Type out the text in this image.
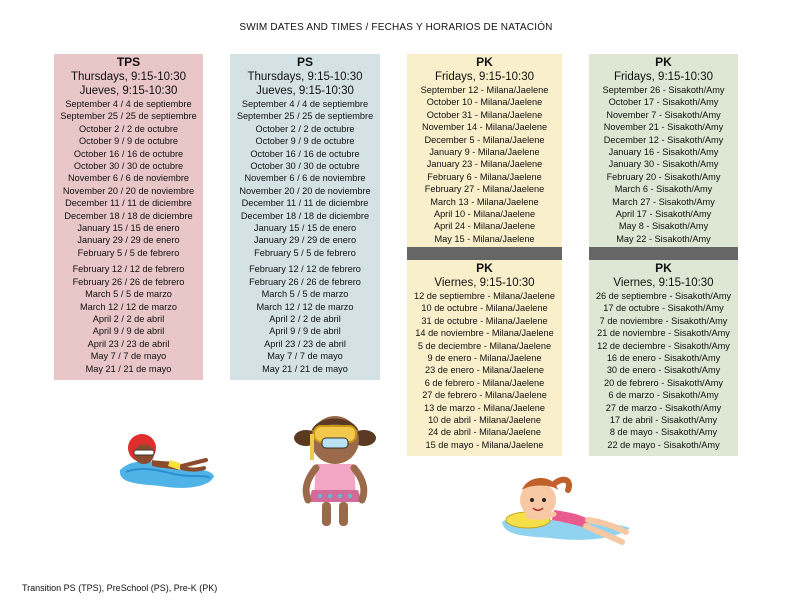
SWIM DATES AND TIMES / FECHAS Y HORARIOS DE NATACIÓN
TPS
Thursdays, 9:15-10:30
Jueves, 9:15-10:30
September 4 / 4 de septiembre
September 25 / 25 de septiembre
October 2 / 2 de octubre
October 9 / 9 de octubre
October 16 / 16 de octubre
October 30 / 30 de octubre
November 6 / 6 de noviembre
November 20 / 20 de noviembre
December 11 / 11 de diciembre
December 18 / 18 de diciembre
January 15 / 15 de enero
January 29 / 29 de enero
February 5 / 5 de febrero
February 12 / 12 de febrero
February 26 / 26 de febrero
March 5 / 5 de marzo
March 12 / 12 de marzo
April 2 / 2 de abril
April 9 / 9 de abril
April 23 / 23 de abril
May 7 / 7 de mayo
May 21 / 21 de mayo
PS
Thursdays, 9:15-10:30
Jueves, 9:15-10:30
September 4 / 4 de septiembre
September 25 / 25 de septiembre
October 2 / 2 de octubre
October 9 / 9 de octubre
October 16 / 16 de octubre
October 30 / 30 de octubre
November 6 / 6 de noviembre
November 20 / 20 de noviembre
December 11 / 11 de diciembre
December 18 / 18 de diciembre
January 15 / 15 de enero
January 29 / 29 de enero
February 5 / 5 de febrero
February 12 / 12 de febrero
February 26 / 26 de febrero
March 5 / 5 de marzo
March 12 / 12 de marzo
April 2 / 2 de abril
April 9 / 9 de abril
April 23 / 23 de abril
May 7 / 7 de mayo
May 21 / 21 de mayo
PK
Fridays, 9:15-10:30
September 12 - Milana/Jaelene
October 10 - Milana/Jaelene
October 31 - Milana/Jaelene
November 14 - Milana/Jaelene
December 5 - Milana/Jaelene
January 9 - Milana/Jaelene
January 23 - Milana/Jaelene
February 6 - Milana/Jaelene
February 27 - Milana/Jaelene
March 13 - Milana/Jaelene
April 10 - Milana/Jaelene
April 24 - Milana/Jaelene
May 15 - Milana/Jaelene
PK
Viernes, 9:15-10:30
12 de septiembre - Milana/Jaelene
10 de octubre - Milana/Jaelene
31 de octubre - Milana/Jaelene
14 de noviembre - Milana/Jaelene
5 de deciembre - Milana/Jaelene
9 de enero - Milana/Jaelene
23 de enero - Milana/Jaelene
6 de febrero - Milana/Jaelene
27 de febrero - Milana/Jaelene
13 de marzo - Milana/Jaelene
10 de abril - Milana/Jaelene
24 de abril - Milana/Jaelene
15 de mayo - Milana/Jaelene
PK
Fridays, 9:15-10:30
September 26 - Sisakoth/Amy
October 17 - Sisakoth/Amy
November 7 - Sisakoth/Amy
November 21 - Sisakoth/Amy
December 12 - Sisakoth/Amy
January 16 - Sisakoth/Amy
January 30 - Sisakoth/Amy
February 20 - Sisakoth/Amy
March 6 - Sisakoth/Amy
March 27 - Sisakoth/Amy
April 17 - Sisakoth/Amy
May 8 - Sisakoth/Amy
May 22 - Sisakoth/Amy
PK
Viernes, 9:15-10:30
26 de septiembre - Sisakoth/Amy
17 de octubre - Sisakoth/Amy
7 de noviembre - Sisakoth/Amy
21 de noviembre - Sisakoth/Amy
12 de deciembre - Sisakoth/Amy
16 de enero - Sisakoth/Amy
30 de enero - Sisakoth/Amy
20 de febrero - Sisakoth/Amy
6 de marzo - Sisakoth/Amy
27 de marzo - Sisakoth/Amy
17 de abril - Sisakoth/Amy
8 de mayo - Sisakoth/Amy
22 de mayo - Sisakoth/Amy
Transition PS (TPS), PreSchool (PS), Pre-K (PK)
